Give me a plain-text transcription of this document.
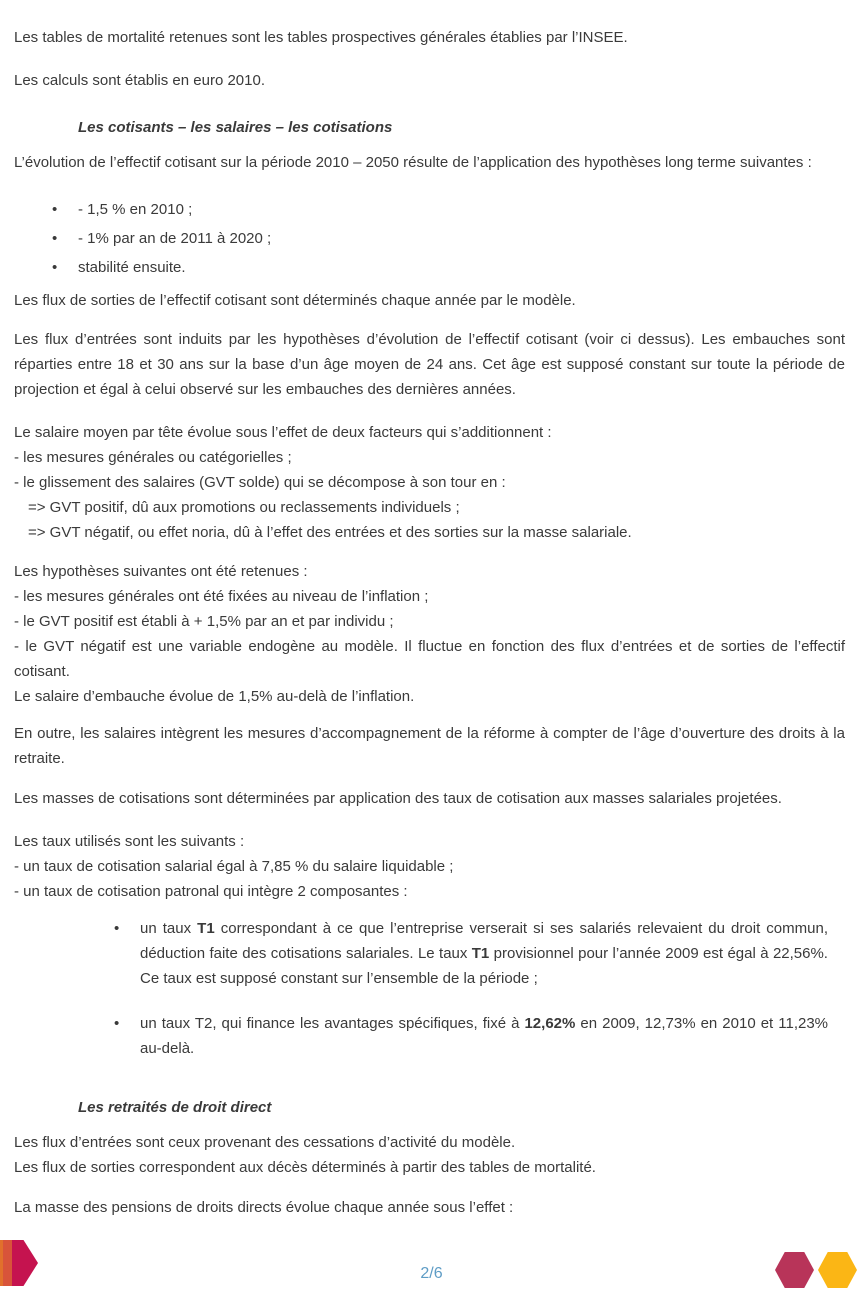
Les tables de mortalité retenues sont les tables prospectives générales établies par l’INSEE.
Les calculs sont établis en euro 2010.
Les cotisants – les salaires – les cotisations
L’évolution de l’effectif cotisant sur la période 2010 – 2050 résulte de l’application des hypothèses long terme suivantes :
•
- 1,5 % en 2010 ;
•
- 1% par an de 2011 à 2020 ;
•
stabilité ensuite.
Les flux de sorties de l’effectif cotisant sont déterminés chaque année par le modèle.
Les flux d’entrées sont induits par les hypothèses d’évolution de l’effectif cotisant (voir ci dessus). Les embauches sont réparties entre 18 et 30 ans sur la base d’un âge moyen de 24 ans. Cet âge est supposé constant sur toute la période de projection et égal à celui observé sur les embauches des dernières années.
Le salaire moyen par tête évolue sous l’effet de deux facteurs qui s’additionnent :
- les mesures générales ou catégorielles ;
- le glissement des salaires (GVT solde) qui se décompose à son tour en :
=> GVT positif, dû aux promotions ou reclassements individuels ;
=> GVT négatif, ou effet noria, dû à l’effet des entrées et des sorties sur la masse salariale.
Les hypothèses suivantes ont été retenues :
- les mesures générales ont été fixées au niveau de l’inflation ;
- le GVT positif est établi à + 1,5% par an et par individu ;
- le GVT négatif est une variable endogène au modèle. Il fluctue en fonction des flux d’entrées et de sorties de l’effectif cotisant.
Le salaire d’embauche évolue de 1,5% au-delà de l’inflation.
En outre, les salaires intègrent les mesures d’accompagnement de la réforme à compter de l’âge d’ouverture des droits à la retraite.
Les masses de cotisations sont déterminées par application des taux de cotisation aux masses salariales projetées.
Les taux utilisés sont les suivants :
- un taux de cotisation salarial égal à 7,85 % du salaire liquidable ;
- un taux de cotisation patronal qui intègre 2 composantes :
•
un taux T1 correspondant à ce que l’entreprise verserait si ses salariés relevaient du droit commun, déduction faite des cotisations salariales. Le taux T1 provisionnel pour l’année 2009 est égal à 22,56%. Ce taux est supposé constant sur l’ensemble de la période ;
•
un taux T2, qui finance les avantages spécifiques, fixé à 12,62% en 2009, 12,73% en 2010 et 11,23% au-delà.
Les retraités de droit direct
Les flux d’entrées sont ceux provenant des cessations d’activité du modèle.
Les flux de sorties correspondent aux décès déterminés à partir des tables de mortalité.
La masse des pensions de droits directs évolue chaque année sous l’effet :
2/6
